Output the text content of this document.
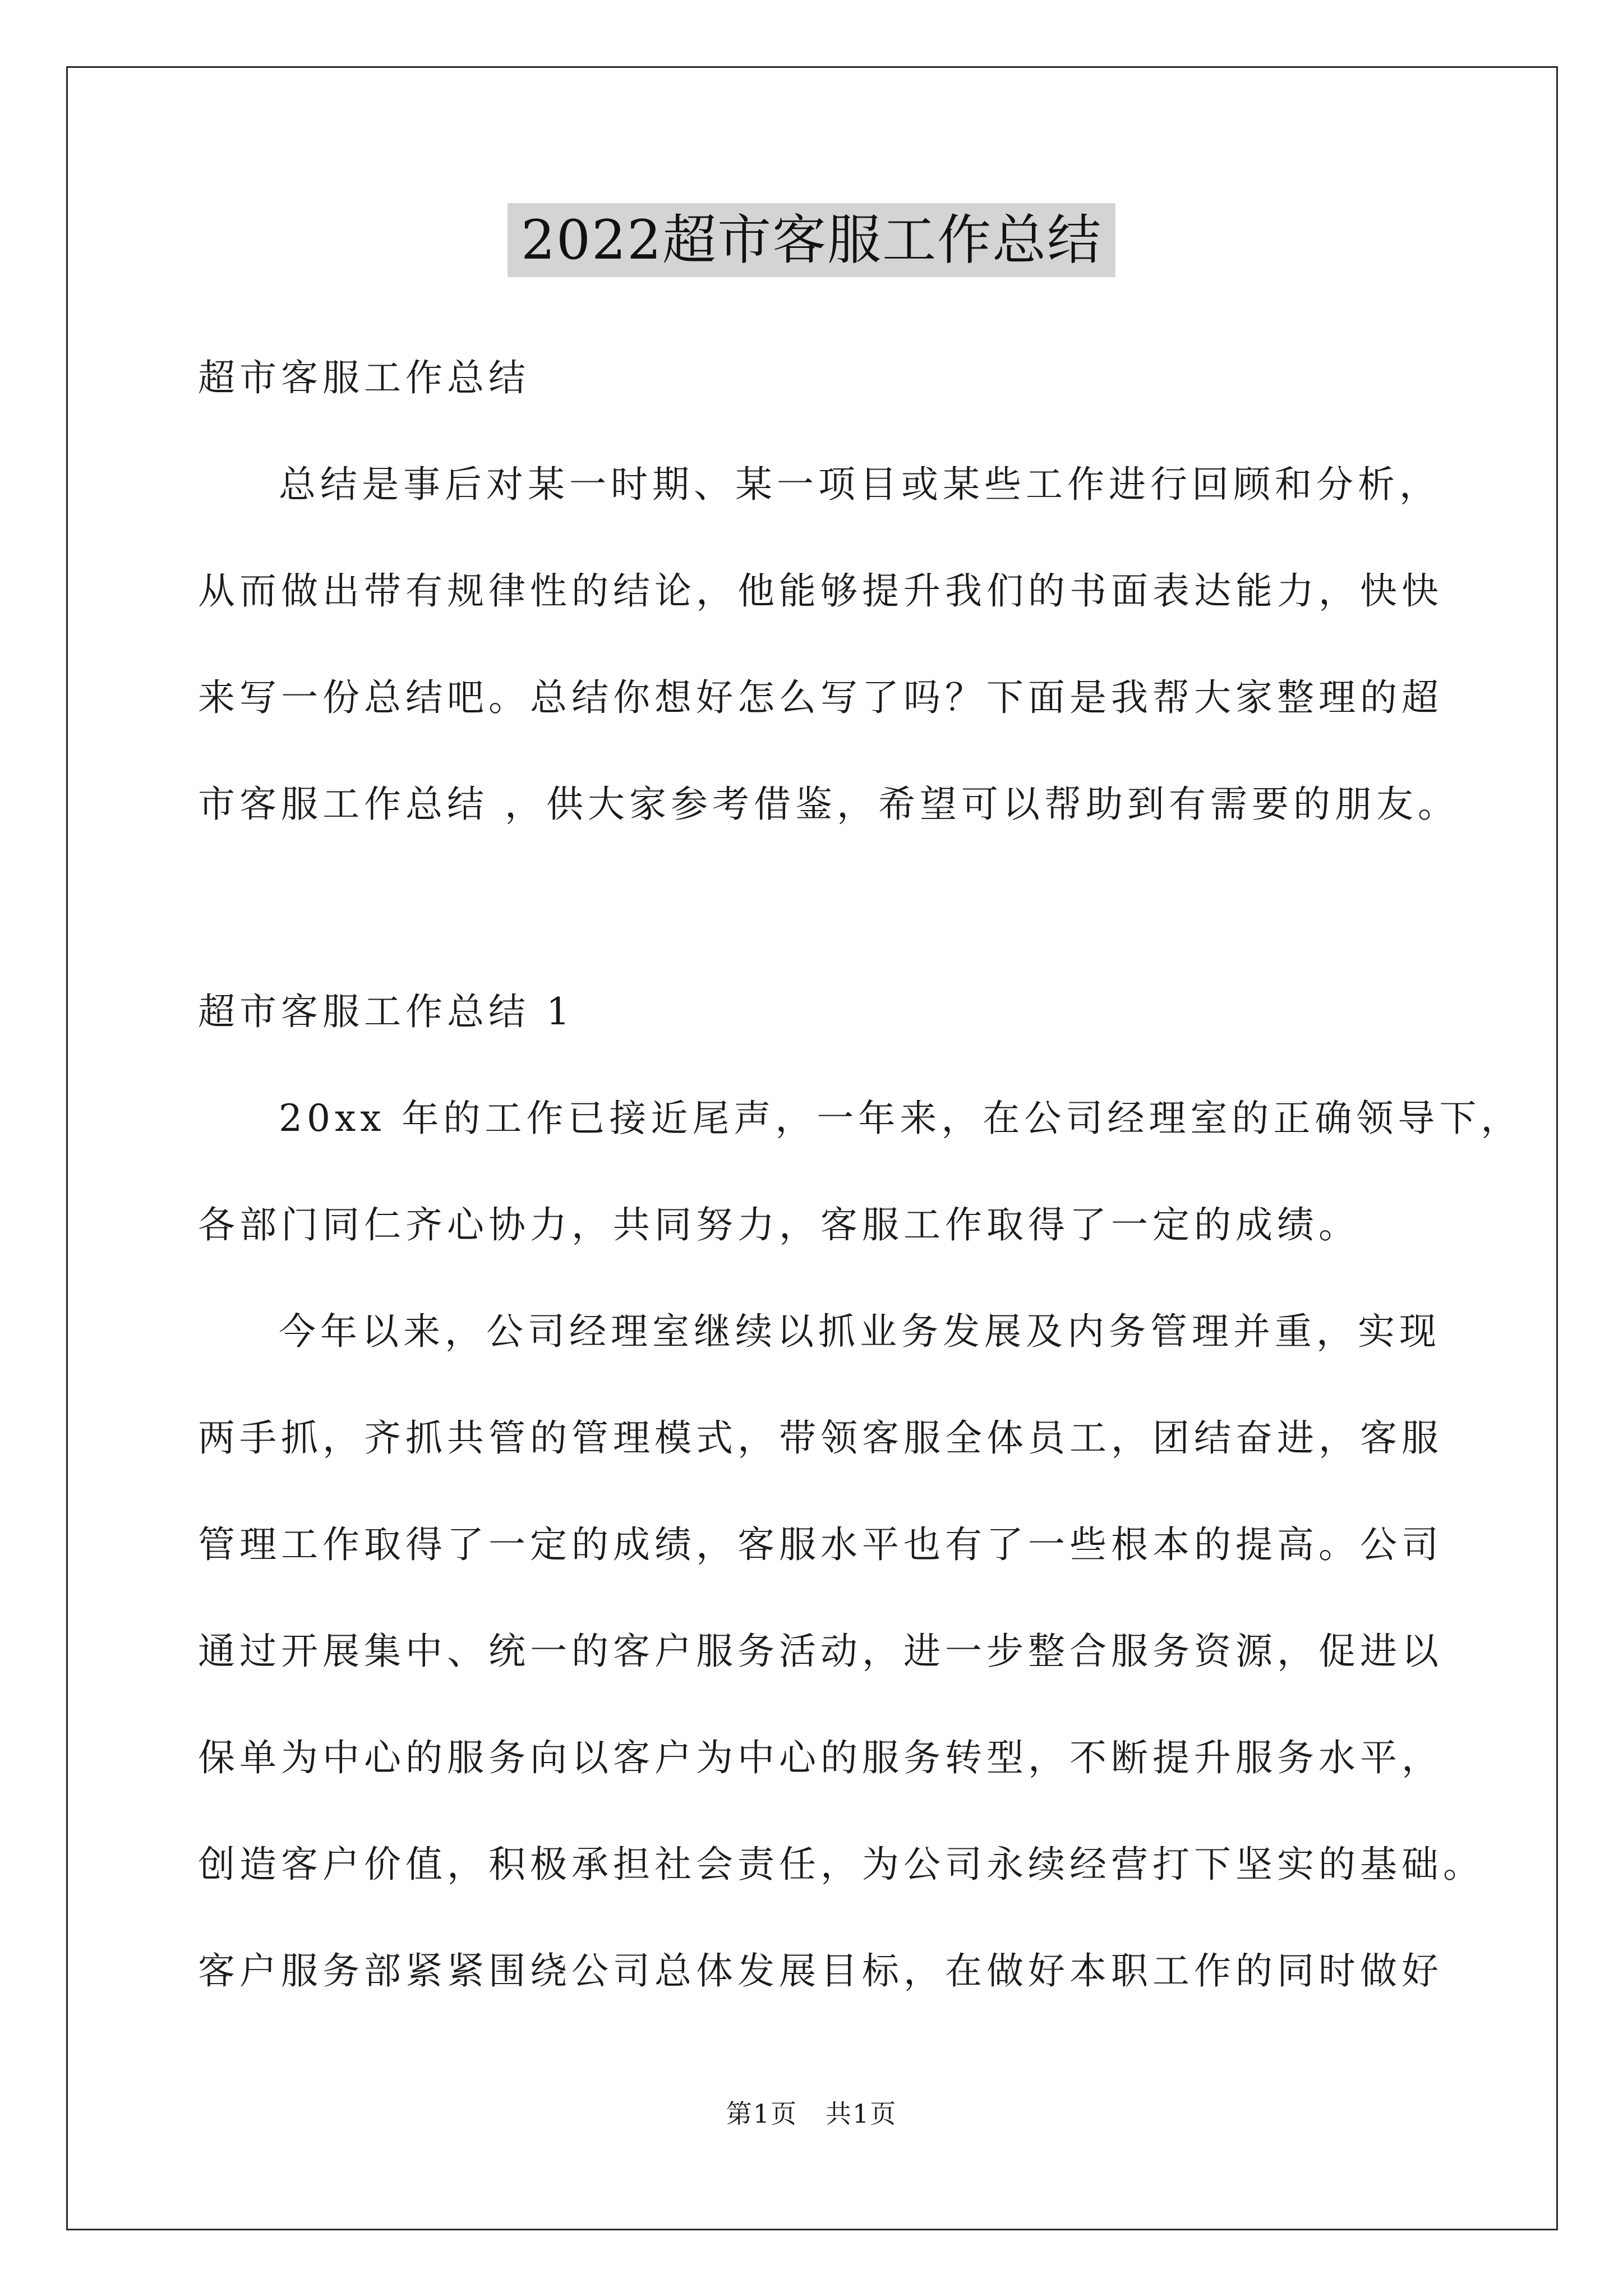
2022超市客服工作总结
超市客服工作总结
总结是事后对某一时期、某一项目或某些工作进行回顾和分析，
从而做出带有规律性的结论，他能够提升我们的书面表达能力，快快
来写一份总结吧。总结你想好怎么写了吗？下面是我帮大家整理的超
市客服工作总结 ，供大家参考借鉴，希望可以帮助到有需要的朋友。
超市客服工作总结 1
20xx 年的工作已接近尾声，一年来，在公司经理室的正确领导下，
各部门同仁齐心协力，共同努力，客服工作取得了一定的成绩。
今年以来，公司经理室继续以抓业务发展及内务管理并重，实现
两手抓，齐抓共管的管理模式，带领客服全体员工，团结奋进，客服
管理工作取得了一定的成绩，客服水平也有了一些根本的提高。公司
通过开展集中、统一的客户服务活动，进一步整合服务资源，促进以
保单为中心的服务向以客户为中心的服务转型，不断提升服务水平，
创造客户价值，积极承担社会责任，为公司永续经营打下坚实的基础。
客户服务部紧紧围绕公司总体发展目标，在做好本职工作的同时做好
第1页 共1页
